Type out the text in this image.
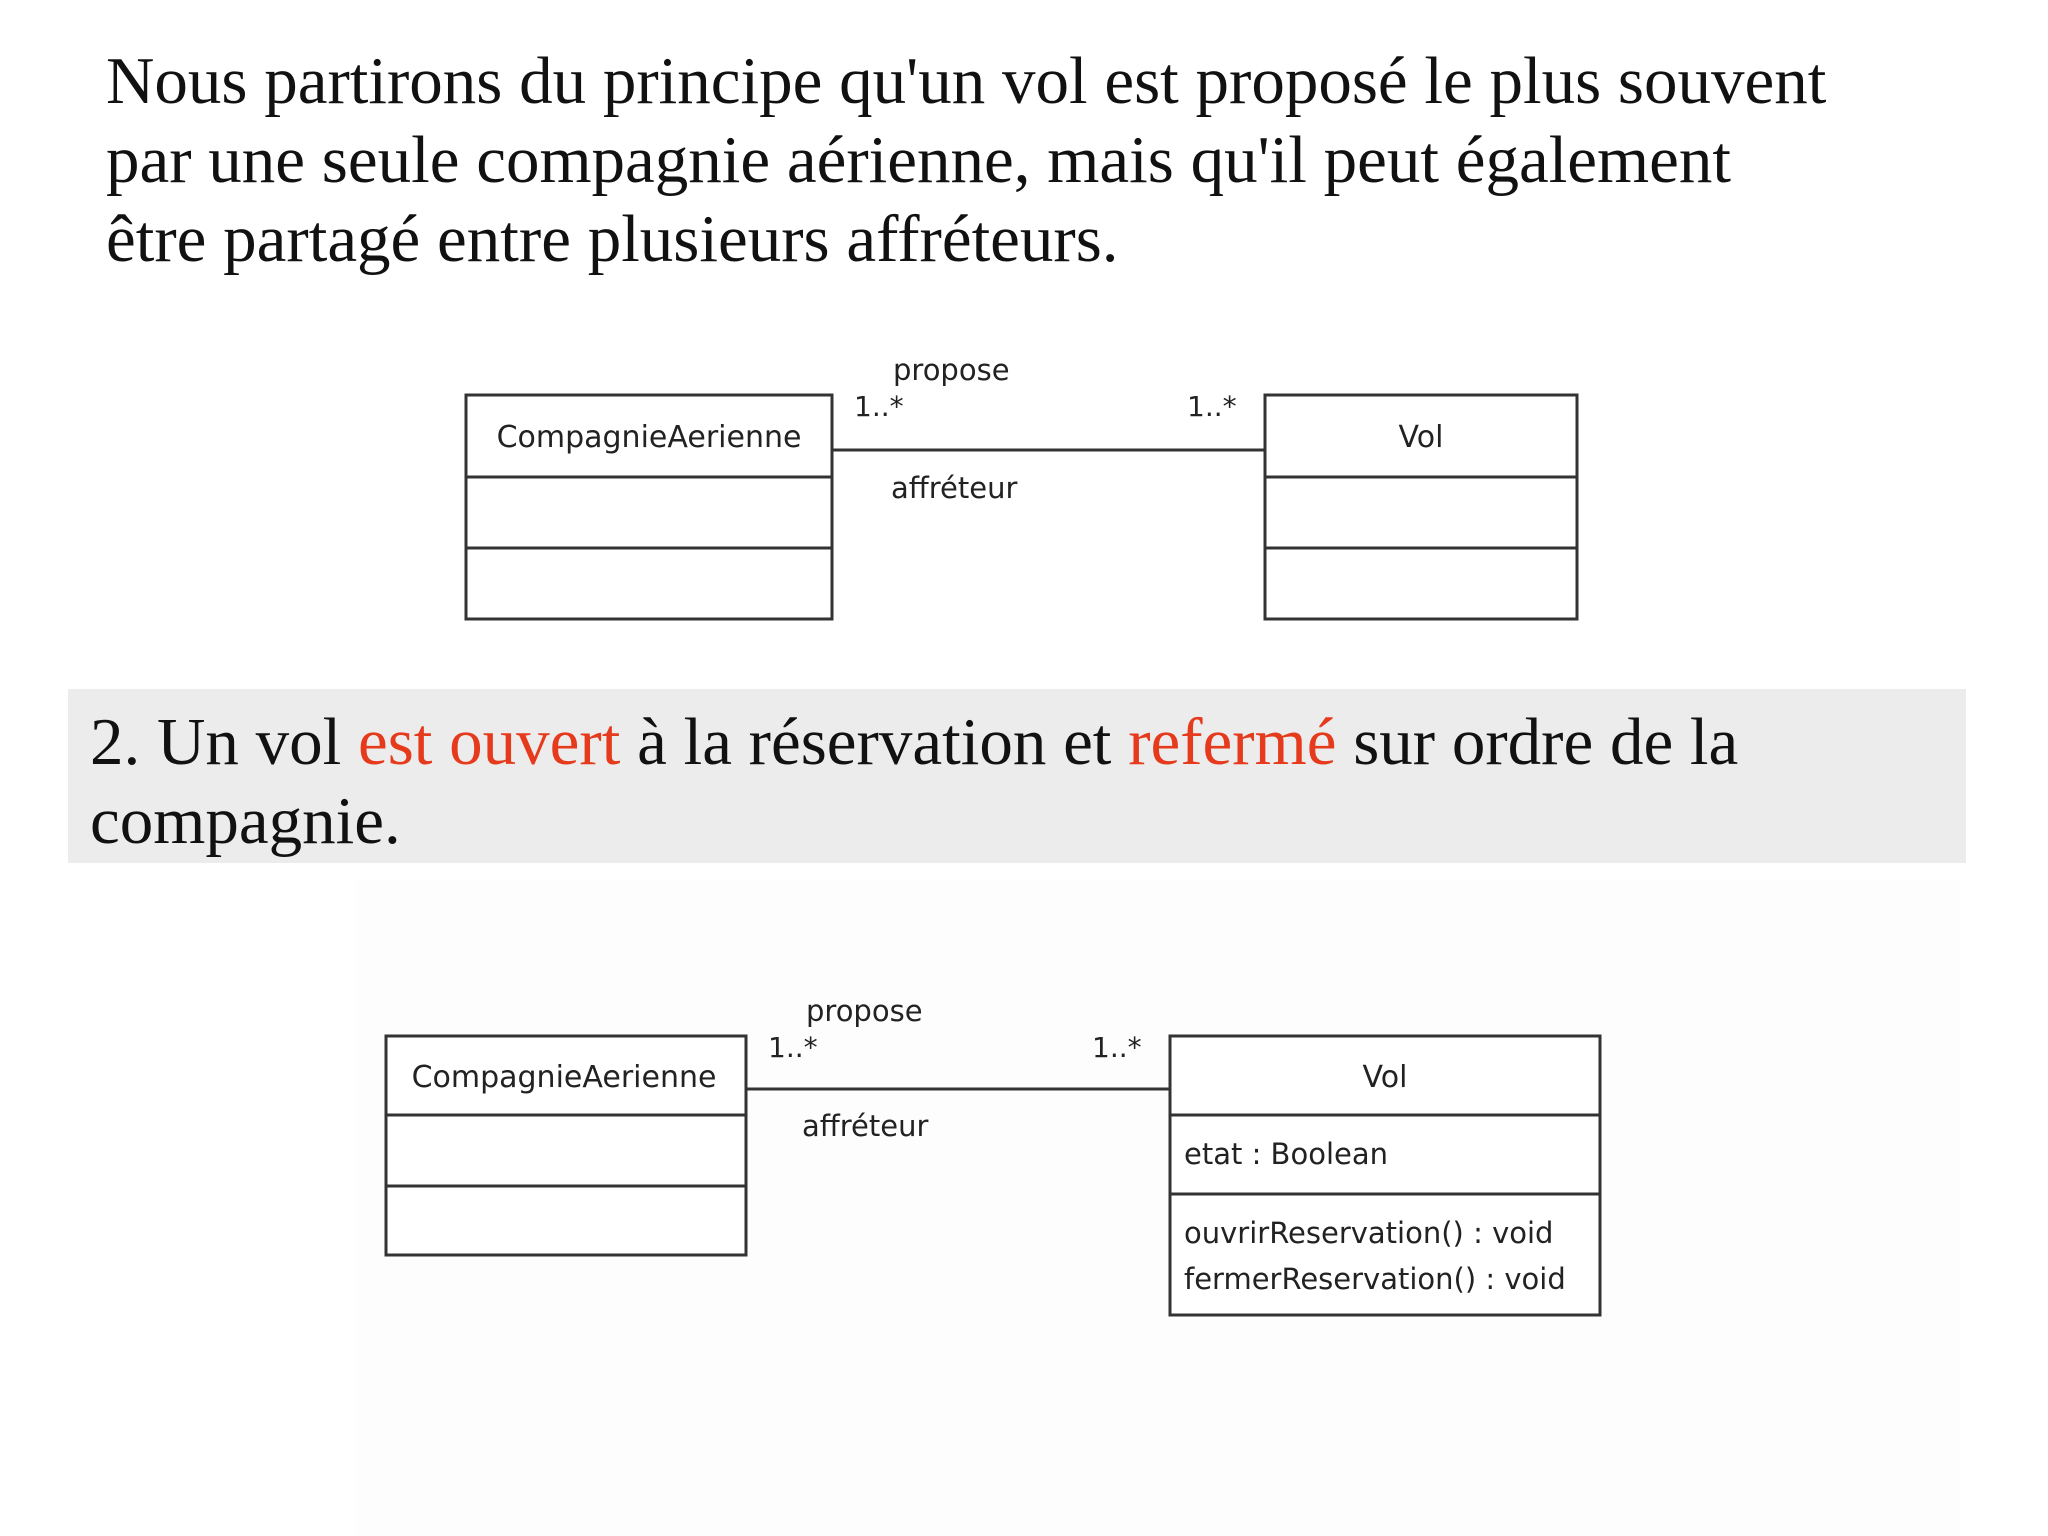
Nous partirons du principe qu'un vol est proposé le plus souvent
par une seule compagnie aérienne, mais qu'il peut également
être partagé entre plusieurs affréteurs.

CompagnieAerienne	Vol
propose
1..*	1..*
affréteur
2. Un vol est ouvert à la réservation et refermé sur ordre de la
compagnie.
CompagnieAerienne	Vol
etat : Boolean
ouvrirReservation() : void
fermerReservation() : void
propose
1..*	1..*
affréteur
